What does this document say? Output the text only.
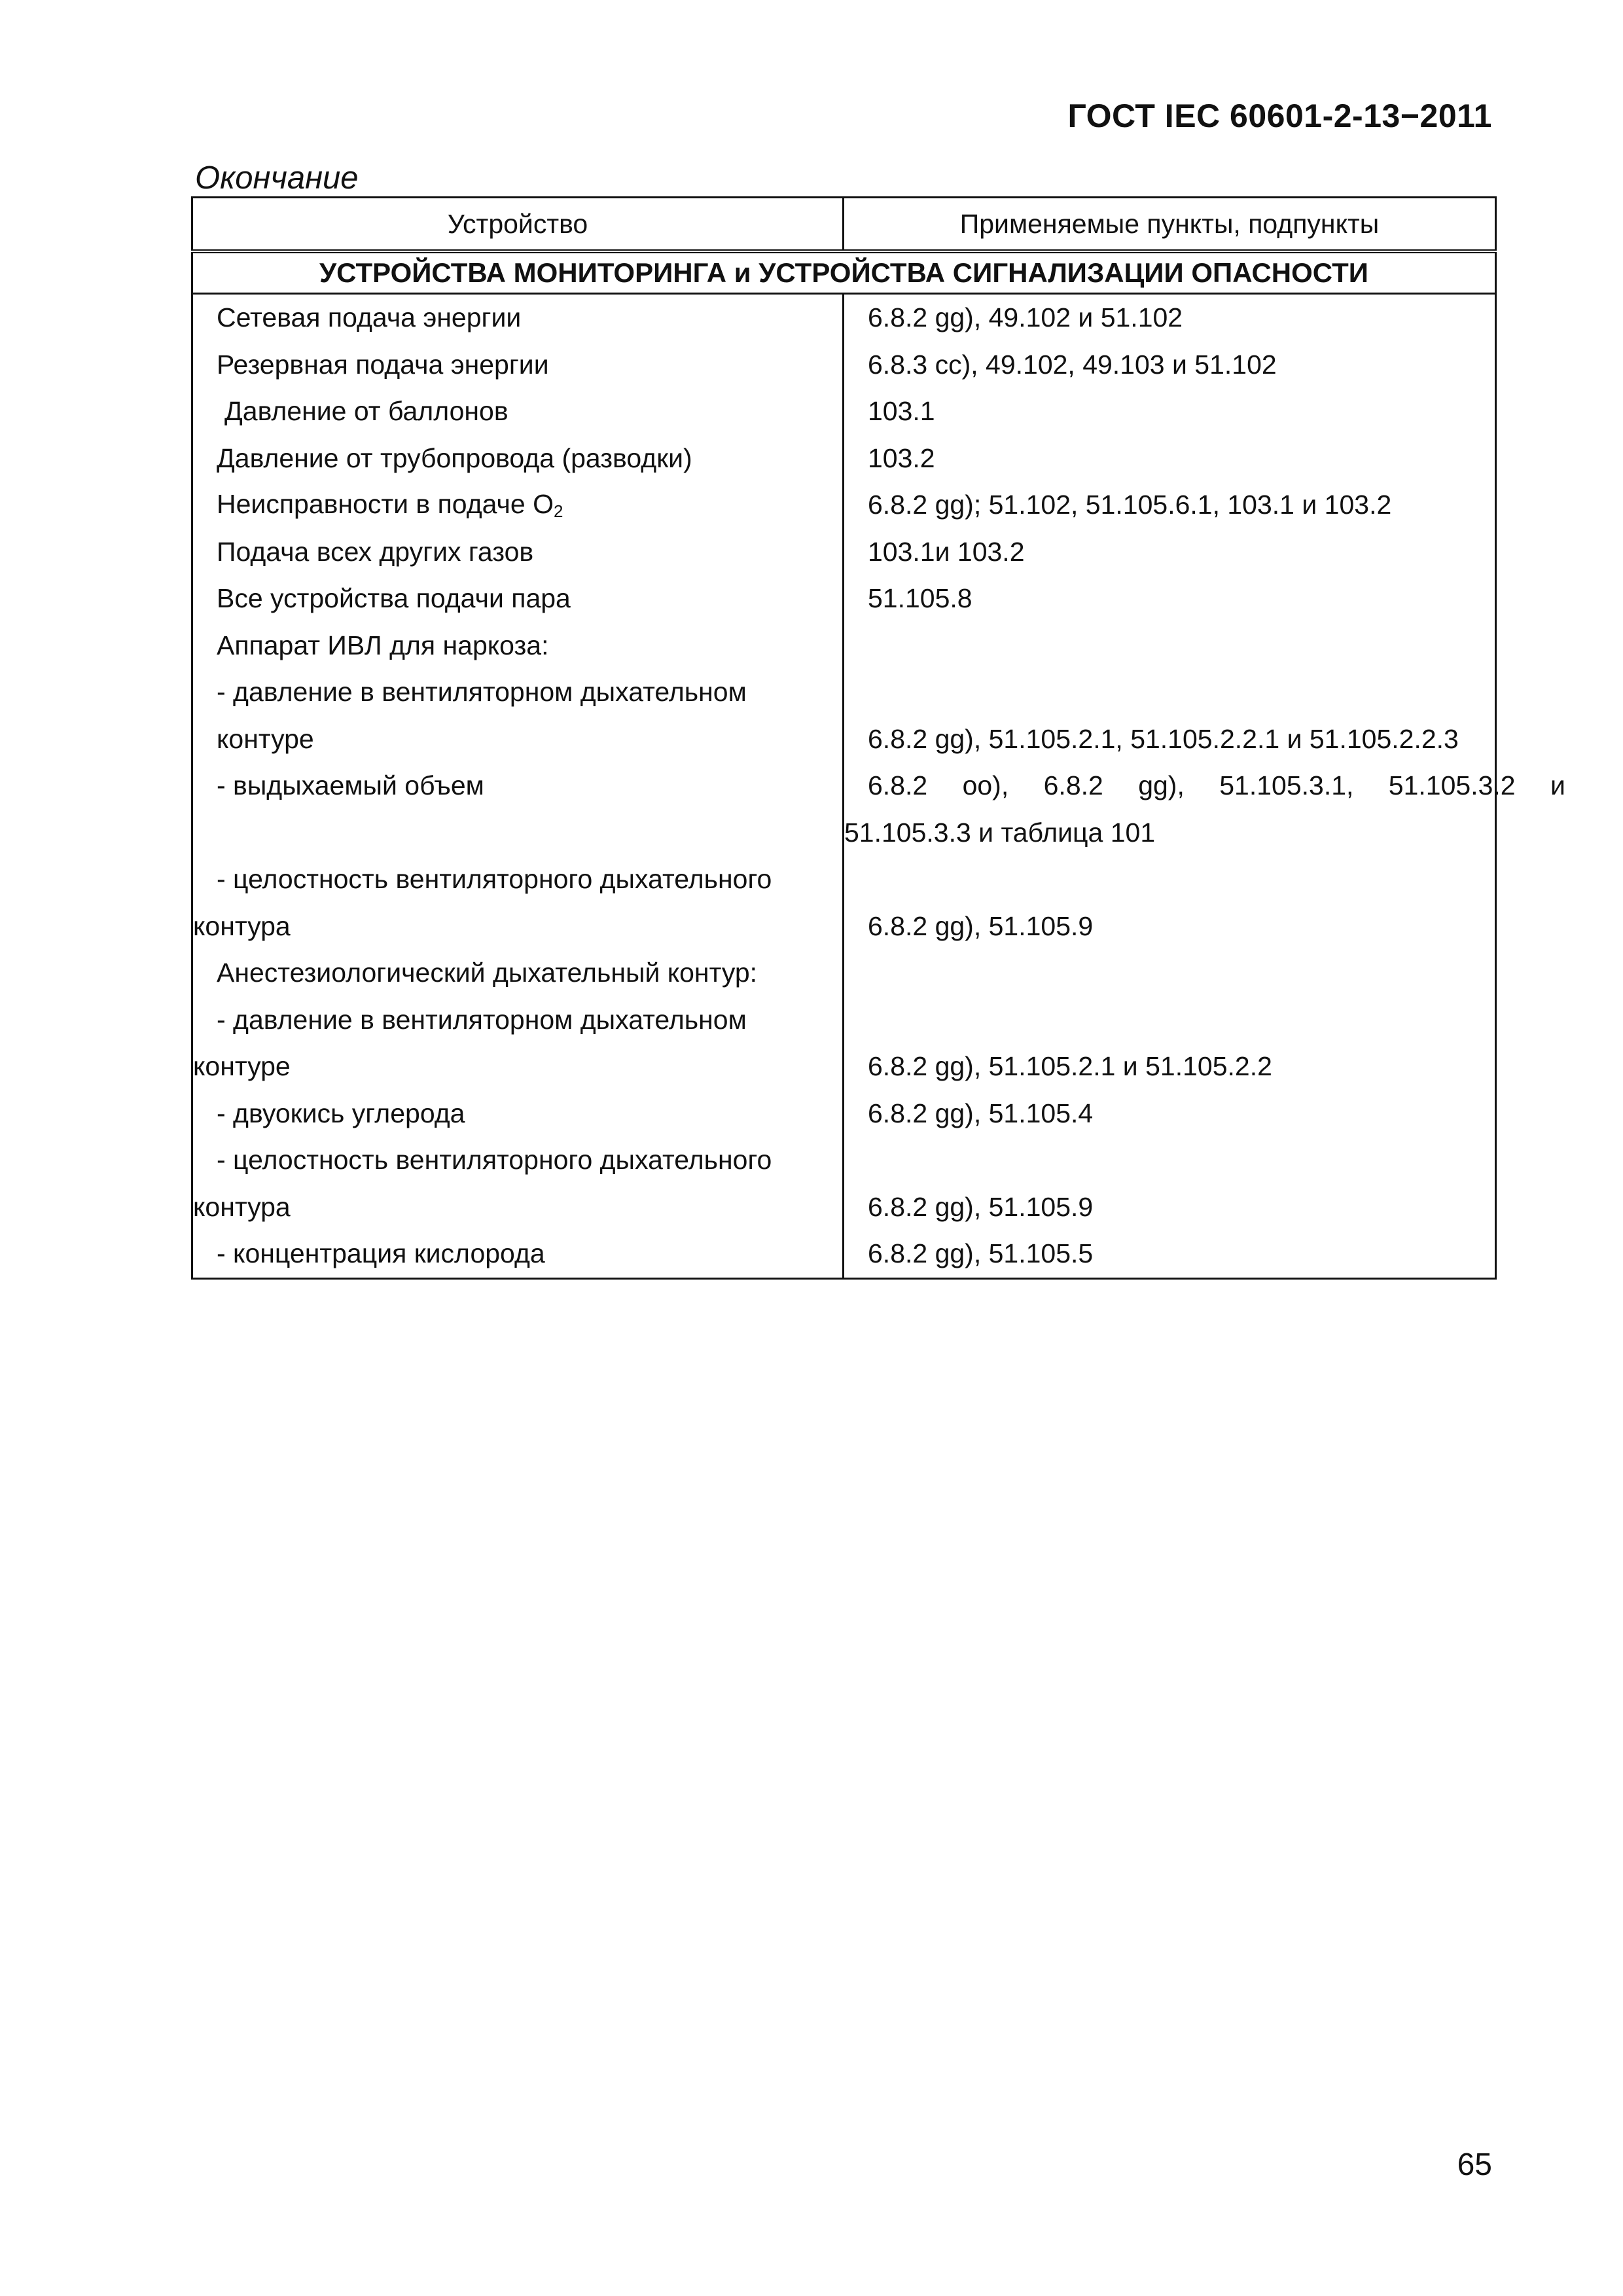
ГОСТ IEC 60601-2-13−2011
Окончание
Устройство	Применяемые пункты, подпункты
УСТРОЙСТВА МОНИТОРИНГА и УСТРОЙСТВА СИГНАЛИЗАЦИИ ОПАСНОСТИ	
Сетевая подача энергии	6.8.2 gg), 49.102 и 51.102
Резервная подача энергии	6.8.3 cc), 49.102, 49.103 и 51.102
Давление от баллонов	103.1
Давление от трубопровода (разводки)	103.2
Неисправности в подаче $O_2$	6.8.2 gg); 51.102, 51.105.6.1, 103.1 и 103.2
Подача всех других газов	103.1и 103.2
Все устройства подачи пара	51.105.8
Аппарат ИВЛ для наркоза:	
- давление в вентиляторном дыхательном	
контуре	6.8.2 gg), 51.105.2.1, 51.105.2.2.1 и 51.105.2.2.3
- выдыхаемый объем	6.8.2 oo), 6.8.2 gg), 51.105.3.1, 51.105.3.2 и
	51.105.3.3 и таблица 101
- целостность вентиляторного дыхательного	
контура	6.8.2 gg), 51.105.9
Анестезиологический дыхательный контур:	
- давление в вентиляторном дыхательном	
контуре	6.8.2 gg), 51.105.2.1 и 51.105.2.2
- двуокись углерода	6.8.2 gg), 51.105.4
- целостность вентиляторного дыхательного	
контура	6.8.2 gg), 51.105.9
- концентрация кислорода	6.8.2 gg), 51.105.5
65
